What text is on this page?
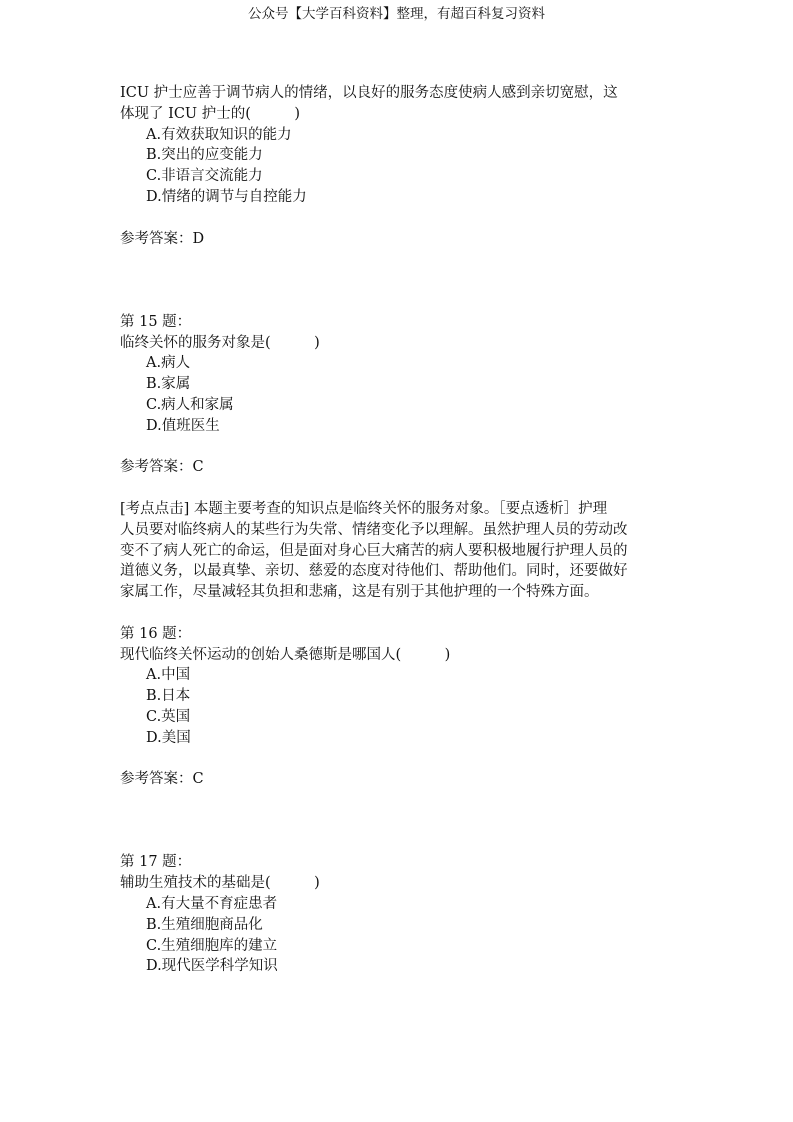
公众号【大学百科资料】整理，有超百科复习资料
ICU 护士应善于调节病人的情绪，以良好的服务态度使病人感到亲切宽慰，这
体现了 ICU 护士的(　　　)
A.有效获取知识的能力
B.突出的应变能力
C.非语言交流能力
D.情绪的调节与自控能力
参考答案：D
第 15 题：
临终关怀的服务对象是(　　　)
A.病人
B.家属
C.病人和家属
D.值班医生
参考答案：C
[考点点击] 本题主要考查的知识点是临终关怀的服务对象。［要点透析］护理
人员要对临终病人的某些行为失常、情绪变化予以理解。虽然护理人员的劳动改
变不了病人死亡的命运，但是面对身心巨大痛苦的病人要积极地履行护理人员的
道德义务，以最真挚、亲切、慈爱的态度对待他们、帮助他们。同时，还要做好
家属工作，尽量减轻其负担和悲痛，这是有别于其他护理的一个特殊方面。
第 16 题：
现代临终关怀运动的创始人桑德斯是哪国人(　　　)
A.中国
B.日本
C.英国
D.美国
参考答案：C
第 17 题：
辅助生殖技术的基础是(　　　)
A.有大量不育症患者
B.生殖细胞商品化
C.生殖细胞库的建立
D.现代医学科学知识
